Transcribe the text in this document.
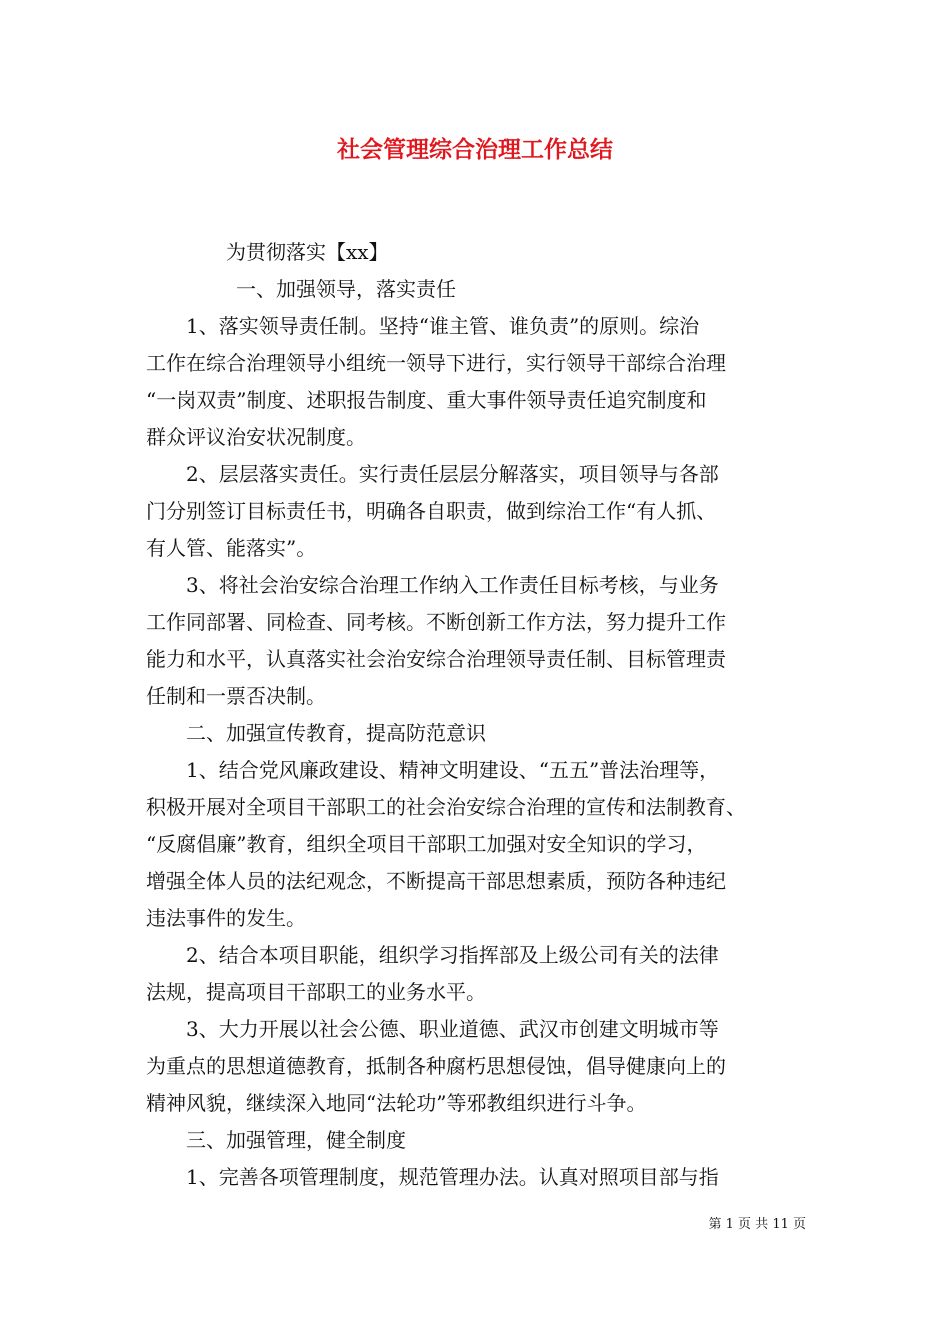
社会管理综合治理工作总结
为贯彻落实【xx】
一、加强领导，落实责任
1、落实领导责任制。坚持“谁主管、谁负责”的原则。综治
工作在综合治理领导小组统一领导下进行，实行领导干部综合治理
“一岗双责”制度、述职报告制度、重大事件领导责任追究制度和
群众评议治安状况制度。
2、层层落实责任。实行责任层层分解落实，项目领导与各部
门分别签订目标责任书，明确各自职责，做到综治工作“有人抓、
有人管、能落实”。
3、将社会治安综合治理工作纳入工作责任目标考核，与业务
工作同部署、同检查、同考核。不断创新工作方法，努力提升工作
能力和水平，认真落实社会治安综合治理领导责任制、目标管理责
任制和一票否决制。
二、加强宣传教育，提高防范意识
1、结合党风廉政建设、精神文明建设、“五五”普法治理等，
积极开展对全项目干部职工的社会治安综合治理的宣传和法制教育、
“反腐倡廉”教育，组织全项目干部职工加强对安全知识的学习，
增强全体人员的法纪观念，不断提高干部思想素质，预防各种违纪
违法事件的发生。
2、结合本项目职能，组织学习指挥部及上级公司有关的法律
法规，提高项目干部职工的业务水平。
3、大力开展以社会公德、职业道德、武汉市创建文明城市等
为重点的思想道德教育，抵制各种腐朽思想侵蚀，倡导健康向上的
精神风貌，继续深入地同“法轮功”等邪教组织进行斗争。
三、加强管理，健全制度
1、完善各项管理制度，规范管理办法。认真对照项目部与指
第 1 页 共 11 页
